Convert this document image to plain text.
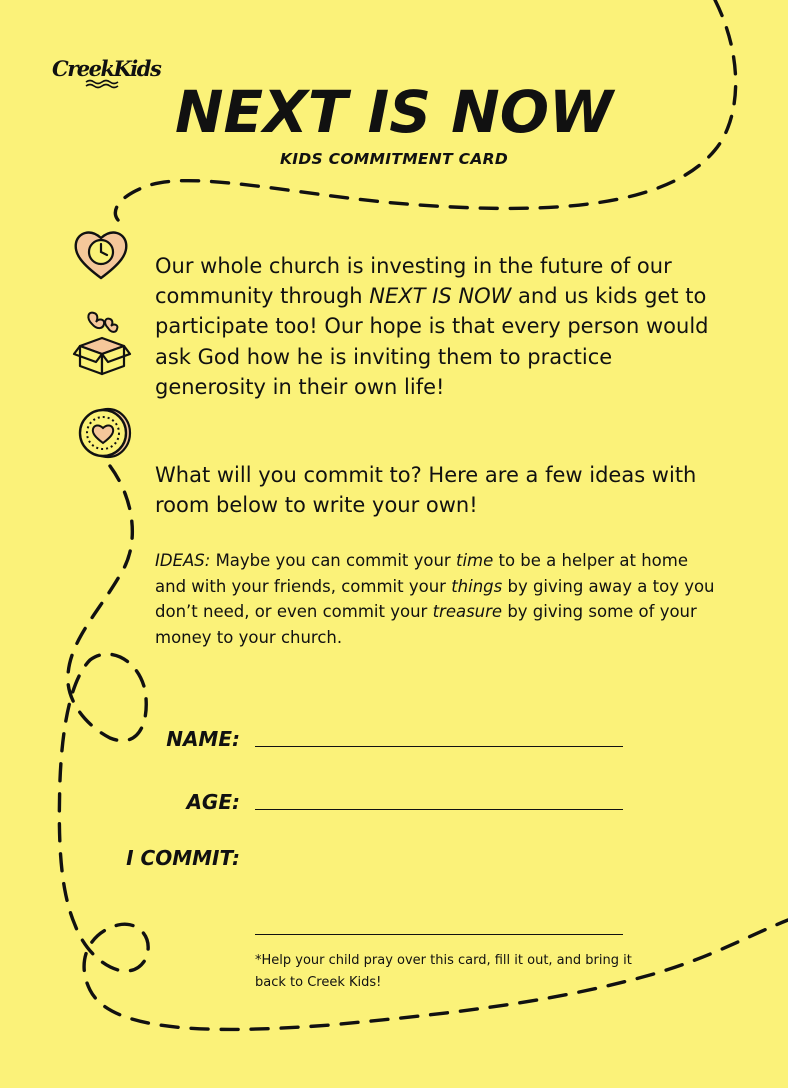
CreekKids
NEXT IS NOW
KIDS COMMITMENT CARD

Our whole church is investing in the future of our community through NEXT IS NOW and us kids get to participate too! Our hope is that every person would ask God how he is inviting them to practice generosity in their own life!

What will you commit to? Here are a few ideas with room below to write your own!

IDEAS: Maybe you can commit your time to be a helper at home and with your friends, commit your things by giving away a toy you don’t need, or even commit your treasure by giving some of your money to your church.

NAME:
AGE:
I COMMIT:

*Help your child pray over this card, fill it out, and bring it back to Creek Kids!
